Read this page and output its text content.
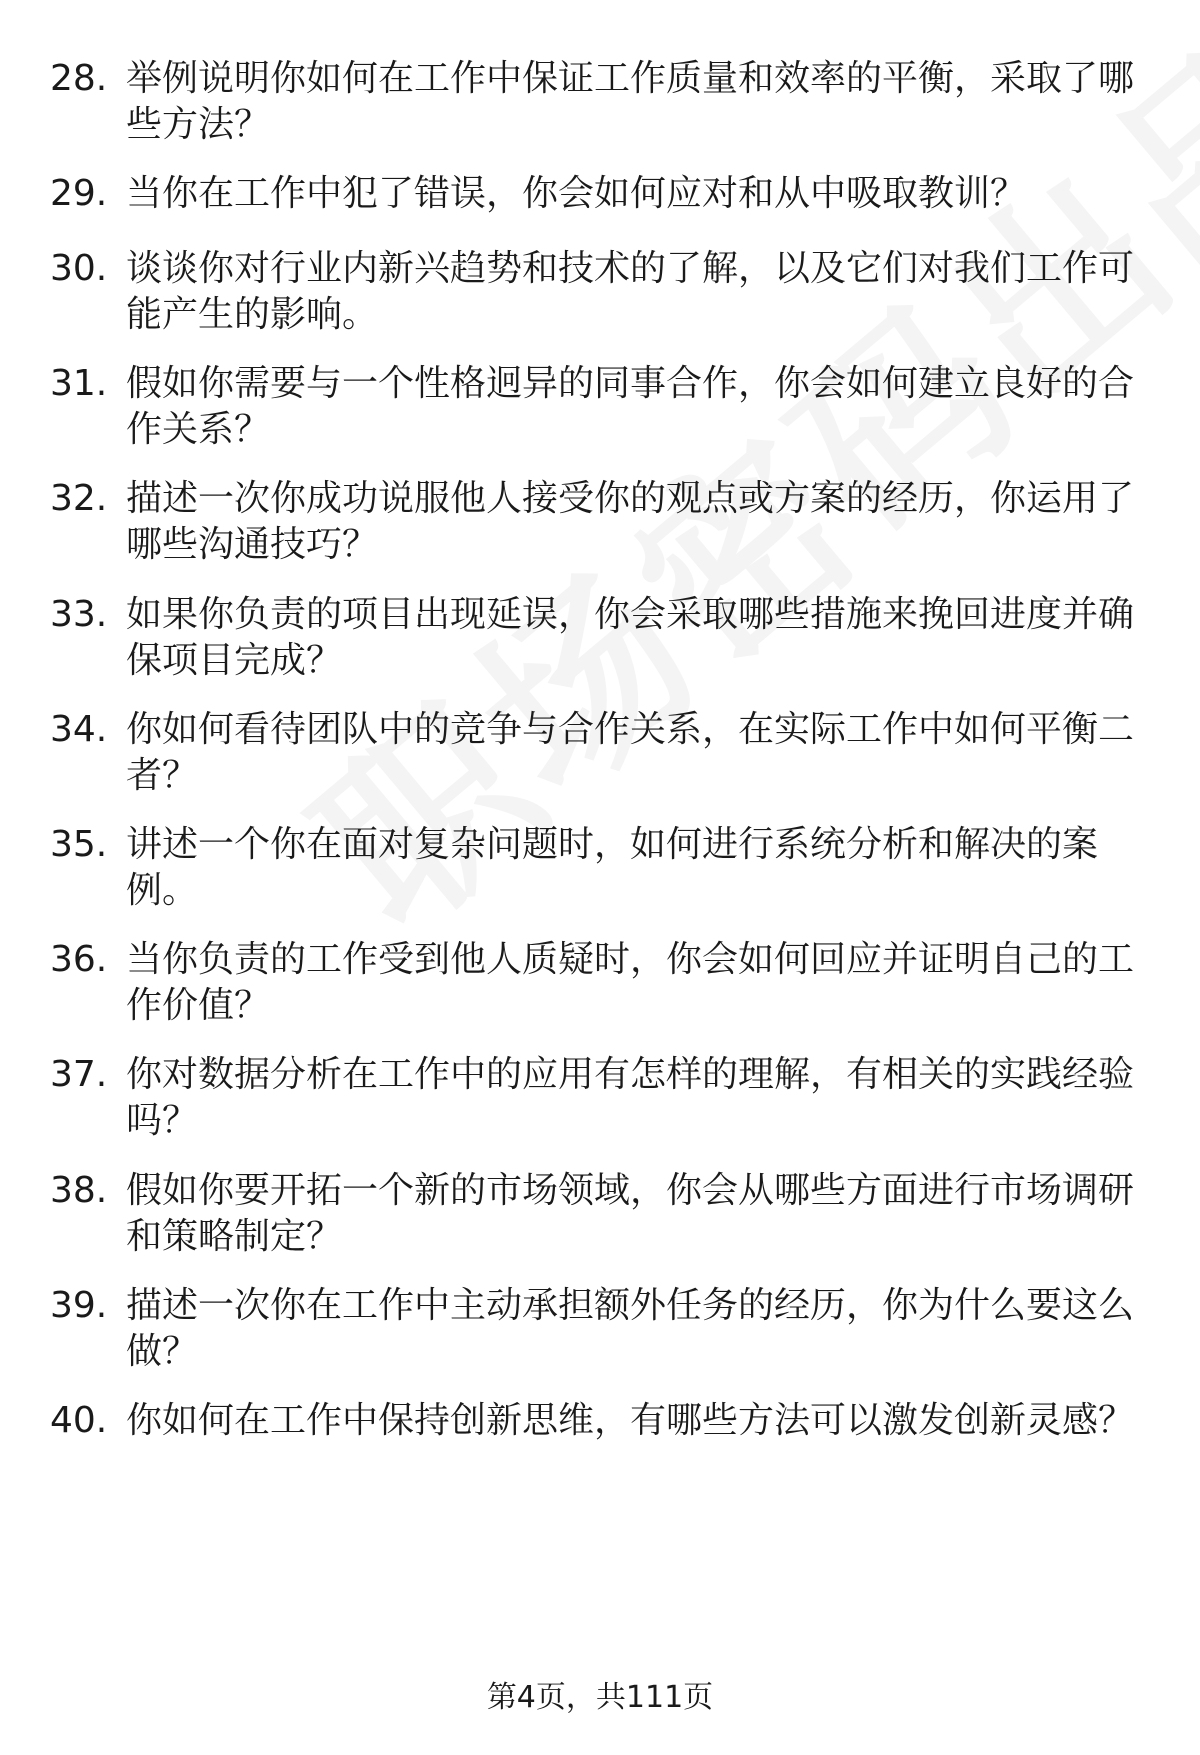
28. 举例说明你如何在工作中保证工作质量和效率的平衡，采取了哪些方法？
29. 当你在工作中犯了错误，你会如何应对和从中吸取教训？
30. 谈谈你对行业内新兴趋势和技术的了解，以及它们对我们工作可能产生的影响。
31. 假如你需要与一个性格迥异的同事合作，你会如何建立良好的合作关系？
32. 描述一次你成功说服他人接受你的观点或方案的经历，你运用了哪些沟通技巧？
33. 如果你负责的项目出现延误，你会采取哪些措施来挽回进度并确保项目完成？
34. 你如何看待团队中的竞争与合作关系，在实际工作中如何平衡二者？
35. 讲述一个你在面对复杂问题时，如何进行系统分析和解决的案例。
36. 当你负责的工作受到他人质疑时，你会如何回应并证明自己的工作价值？
37. 你对数据分析在工作中的应用有怎样的理解，有相关的实践经验吗？
38. 假如你要开拓一个新的市场领域，你会从哪些方面进行市场调研和策略制定？
39. 描述一次你在工作中主动承担额外任务的经历，你为什么要这么做？
40. 你如何在工作中保持创新思维，有哪些方法可以激发创新灵感？
第4页，共111页
